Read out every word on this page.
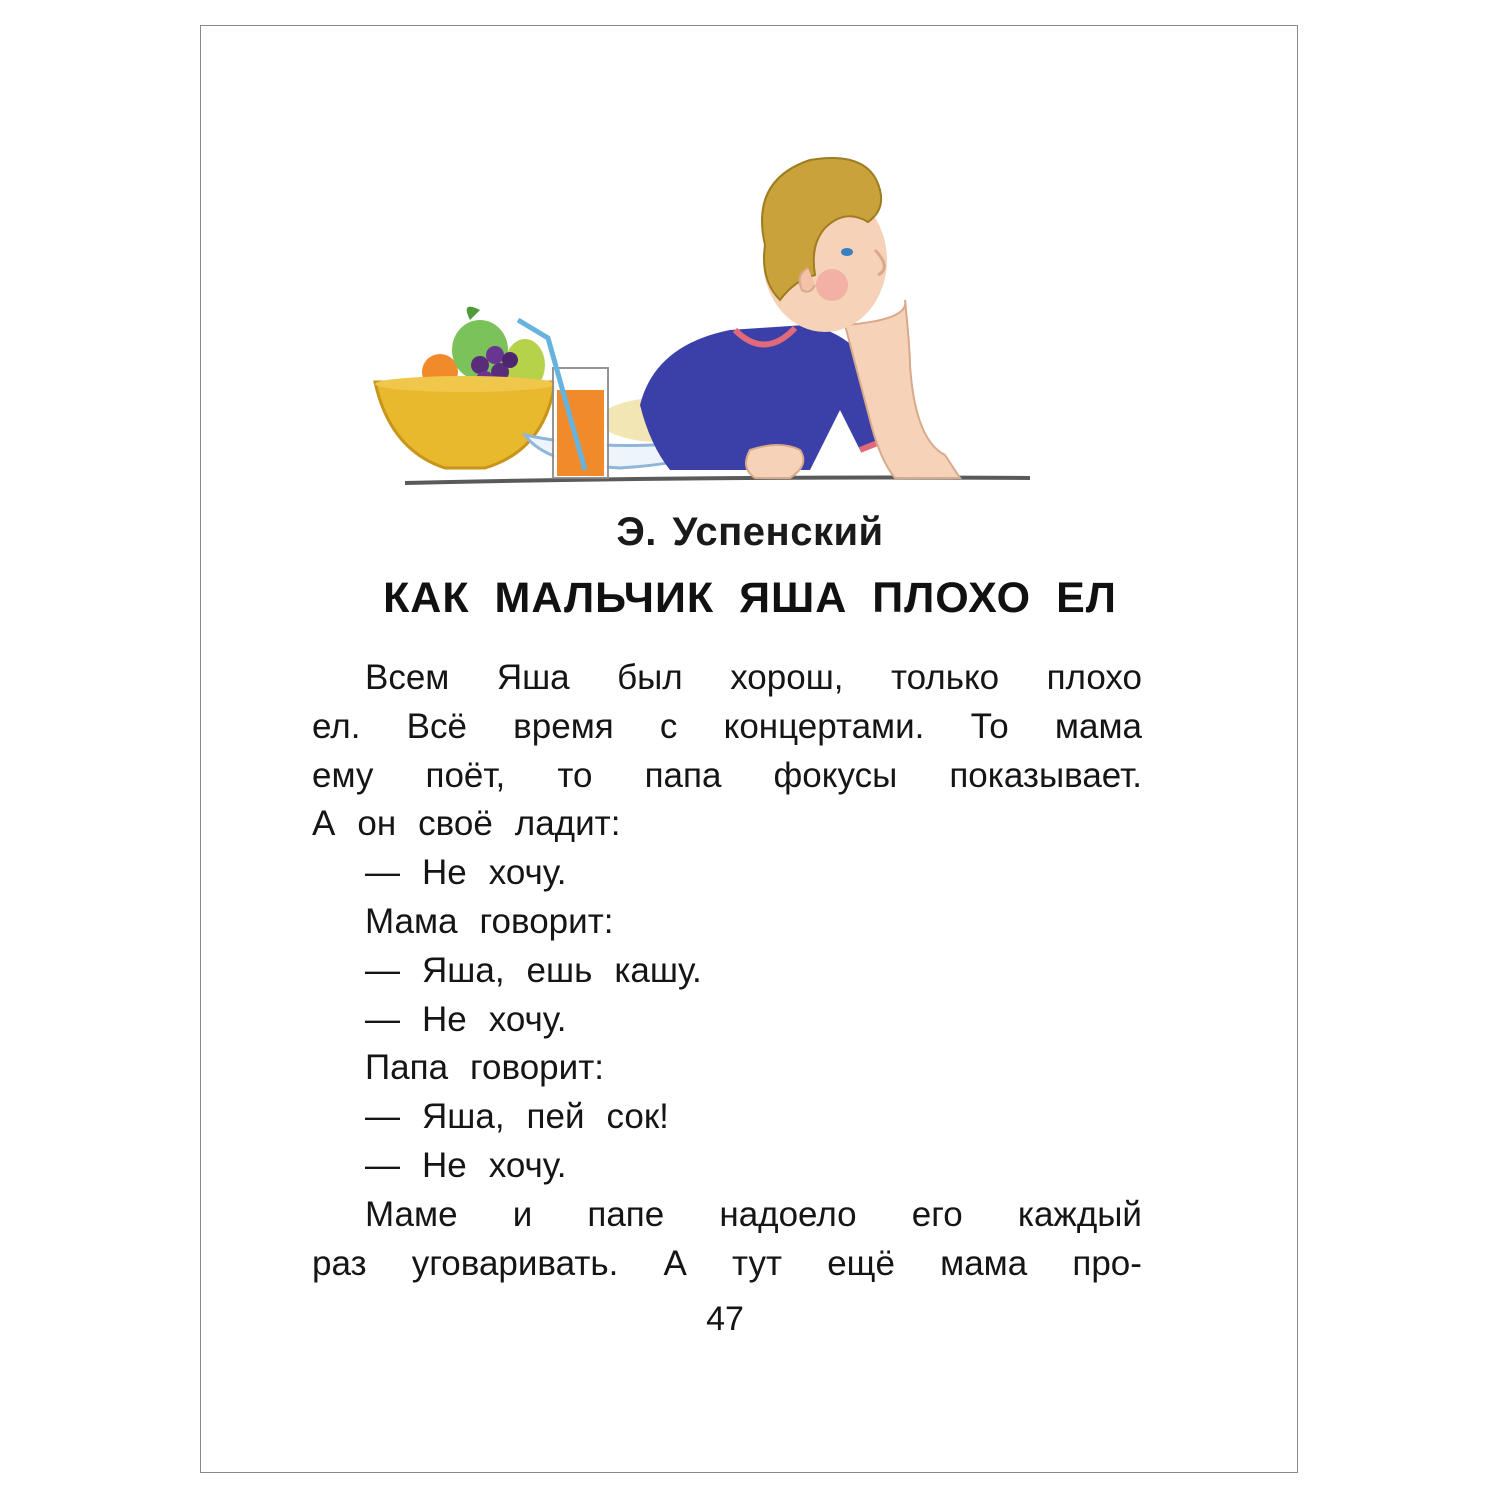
Э. Успенский
КАК МАЛЬЧИК ЯША ПЛОХО ЕЛ
Всем Яша был хорош, только плохо
ел. Всё время с концертами. То мама
ему поёт, то папа фокусы показывает.
А он своё ладит:
— Не хочу.
Мама говорит:
— Яша, ешь кашу.
— Не хочу.
Папа говорит:
— Яша, пей сок!
— Не хочу.
Маме и папе надоело его каждый
раз уговаривать. А тут ещё мама про-
47
